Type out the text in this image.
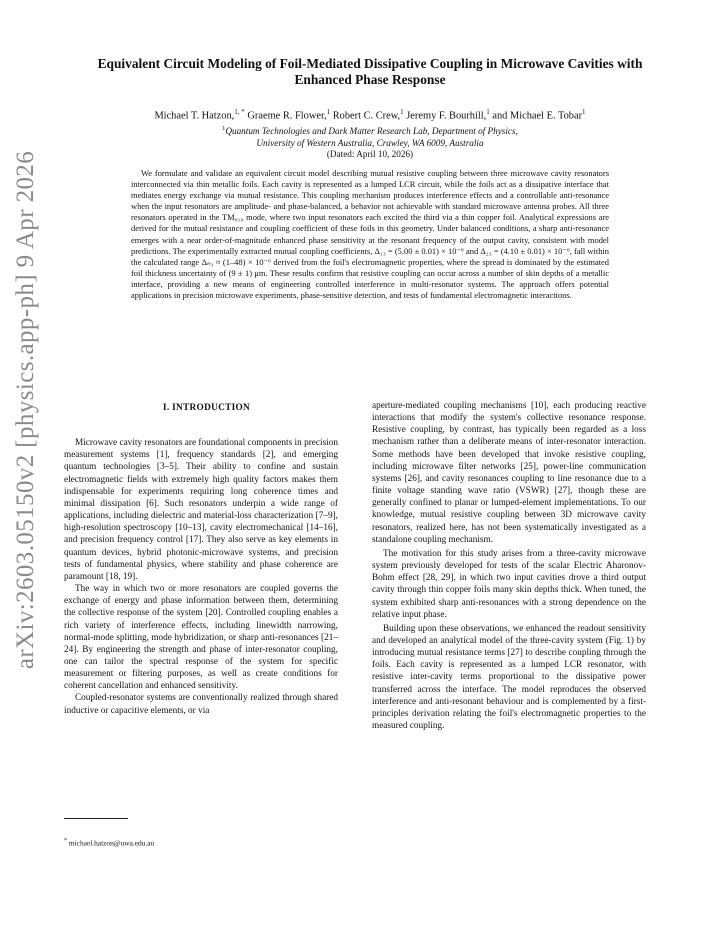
arXiv:2603.05150v2 [physics.app-ph] 9 Apr 2026
Equivalent Circuit Modeling of Foil-Mediated Dissipative Coupling in Microwave Cavities with Enhanced Phase Response

Michael T. Hatzon,$^{1, *}$ Graeme R. Flower,$^1$ Robert C. Crew,$^1$ Jeremy F. Bourhill,$^1$ and Michael E. Tobar$^1$

$^1$Quantum Technologies and Dark Matter Research Lab, Department of Physics,
University of Western Australia, Crawley, WA 6009, Australia

(Dated: April 10, 2026)

We formulate and validate an equivalent circuit model describing mutual resistive coupling between three microwave cavity resonators interconnected via thin metallic foils. Each cavity is represented as a lumped LCR circuit, while the foils act as a dissipative interface that mediates energy exchange via mutual resistance. This coupling mechanism produces interference effects and a controllable anti-resonance when the input resonators are amplitude- and phase-balanced, a behavior not achievable with standard microwave antenna probes. All three resonators operated in the TM₀₁₀ mode, where two input resonators each excited the third via a thin copper foil. Analytical expressions are derived for the mutual resistance and coupling coefficient of these foils in this geometry. Under balanced conditions, a sharp anti-resonance emerges with a near order-of-magnitude enhanced phase sensitivity at the resonant frequency of the output cavity, consistent with model predictions. The experimentally extracted mutual coupling coefficients, Δ₁₃ = (5.00 ± 0.01) × 10⁻⁶ and Δ₂₃ = (4.10 ± 0.01) × 10⁻⁶, fall within the calculated range Δₙ₃ ≈ (1–48) × 10⁻⁶ derived from the foil's electromagnetic properties, where the spread is dominated by the estimated foil thickness uncertainty of (9 ± 1) μm. These results confirm that resistive coupling can occur across a number of skin depths of a metallic interface, providing a new means of engineering controlled interference in multi-resonator systems. The approach offers potential applications in precision microwave experiments, phase-sensitive detection, and tests of fundamental electromagnetic interactions.

I. INTRODUCTION

Microwave cavity resonators are foundational components in precision measurement systems [1], frequency standards [2], and emerging quantum technologies [3–5]. Their ability to confine and sustain electromagnetic fields with extremely high quality factors makes them indispensable for experiments requiring long coherence times and minimal dissipation [6]. Such resonators underpin a wide range of applications, including dielectric and material-loss characterization [7–9], high-resolution spectroscopy [10–13], cavity electromechanical [14–16], and precision frequency control [17]. They also serve as key elements in quantum devices, hybrid photonic-microwave systems, and precision tests of fundamental physics, where stability and phase coherence are paramount [18, 19].

The way in which two or more resonators are coupled governs the exchange of energy and phase information between them, determining the collective response of the system [20]. Controlled coupling enables a rich variety of interference effects, including linewidth narrowing, normal-mode splitting, mode hybridization, or sharp anti-resonances [21–24]. By engineering the strength and phase of inter-resonator coupling, one can tailor the spectral response of the system for specific measurement or filtering purposes, as well as create conditions for coherent cancellation and enhanced sensitivity.

Coupled-resonator systems are conventionally realized through shared inductive or capacitive elements, or via

aperture-mediated coupling mechanisms [10], each producing reactive interactions that modify the system's collective resonance response. Resistive coupling, by contrast, has typically been regarded as a loss mechanism rather than a deliberate means of inter-resonator interaction. Some methods have been developed that invoke resistive coupling, including microwave filter networks [25], power-line communication systems [26], and cavity resonances coupling to line resonance due to a finite voltage standing wave ratio (VSWR) [27], though these are generally confined to planar or lumped-element implementations. To our knowledge, mutual resistive coupling between 3D microwave cavity resonators, realized here, has not been systematically investigated as a standalone coupling mechanism.

The motivation for this study arises from a three-cavity microwave system previously developed for tests of the scalar Electric Aharonov-Bohm effect [28, 29], in which two input cavities drove a third output cavity through thin copper foils many skin depths thick. When tuned, the system exhibited sharp anti-resonances with a strong dependence on the relative input phase.

Building upon these observations, we enhanced the readout sensitivity and developed an analytical model of the three-cavity system (Fig. 1) by introducing mutual resistance terms [27] to describe coupling through the foils. Each cavity is represented as a lumped LCR resonator, with resistive inter-cavity terms proportional to the dissipative power transferred across the interface. The model reproduces the observed interference and anti-resonant behaviour and is complemented by a first-principles derivation relating the foil's electromagnetic properties to the measured coupling.

* michael.hatzon@uwa.edu.au
